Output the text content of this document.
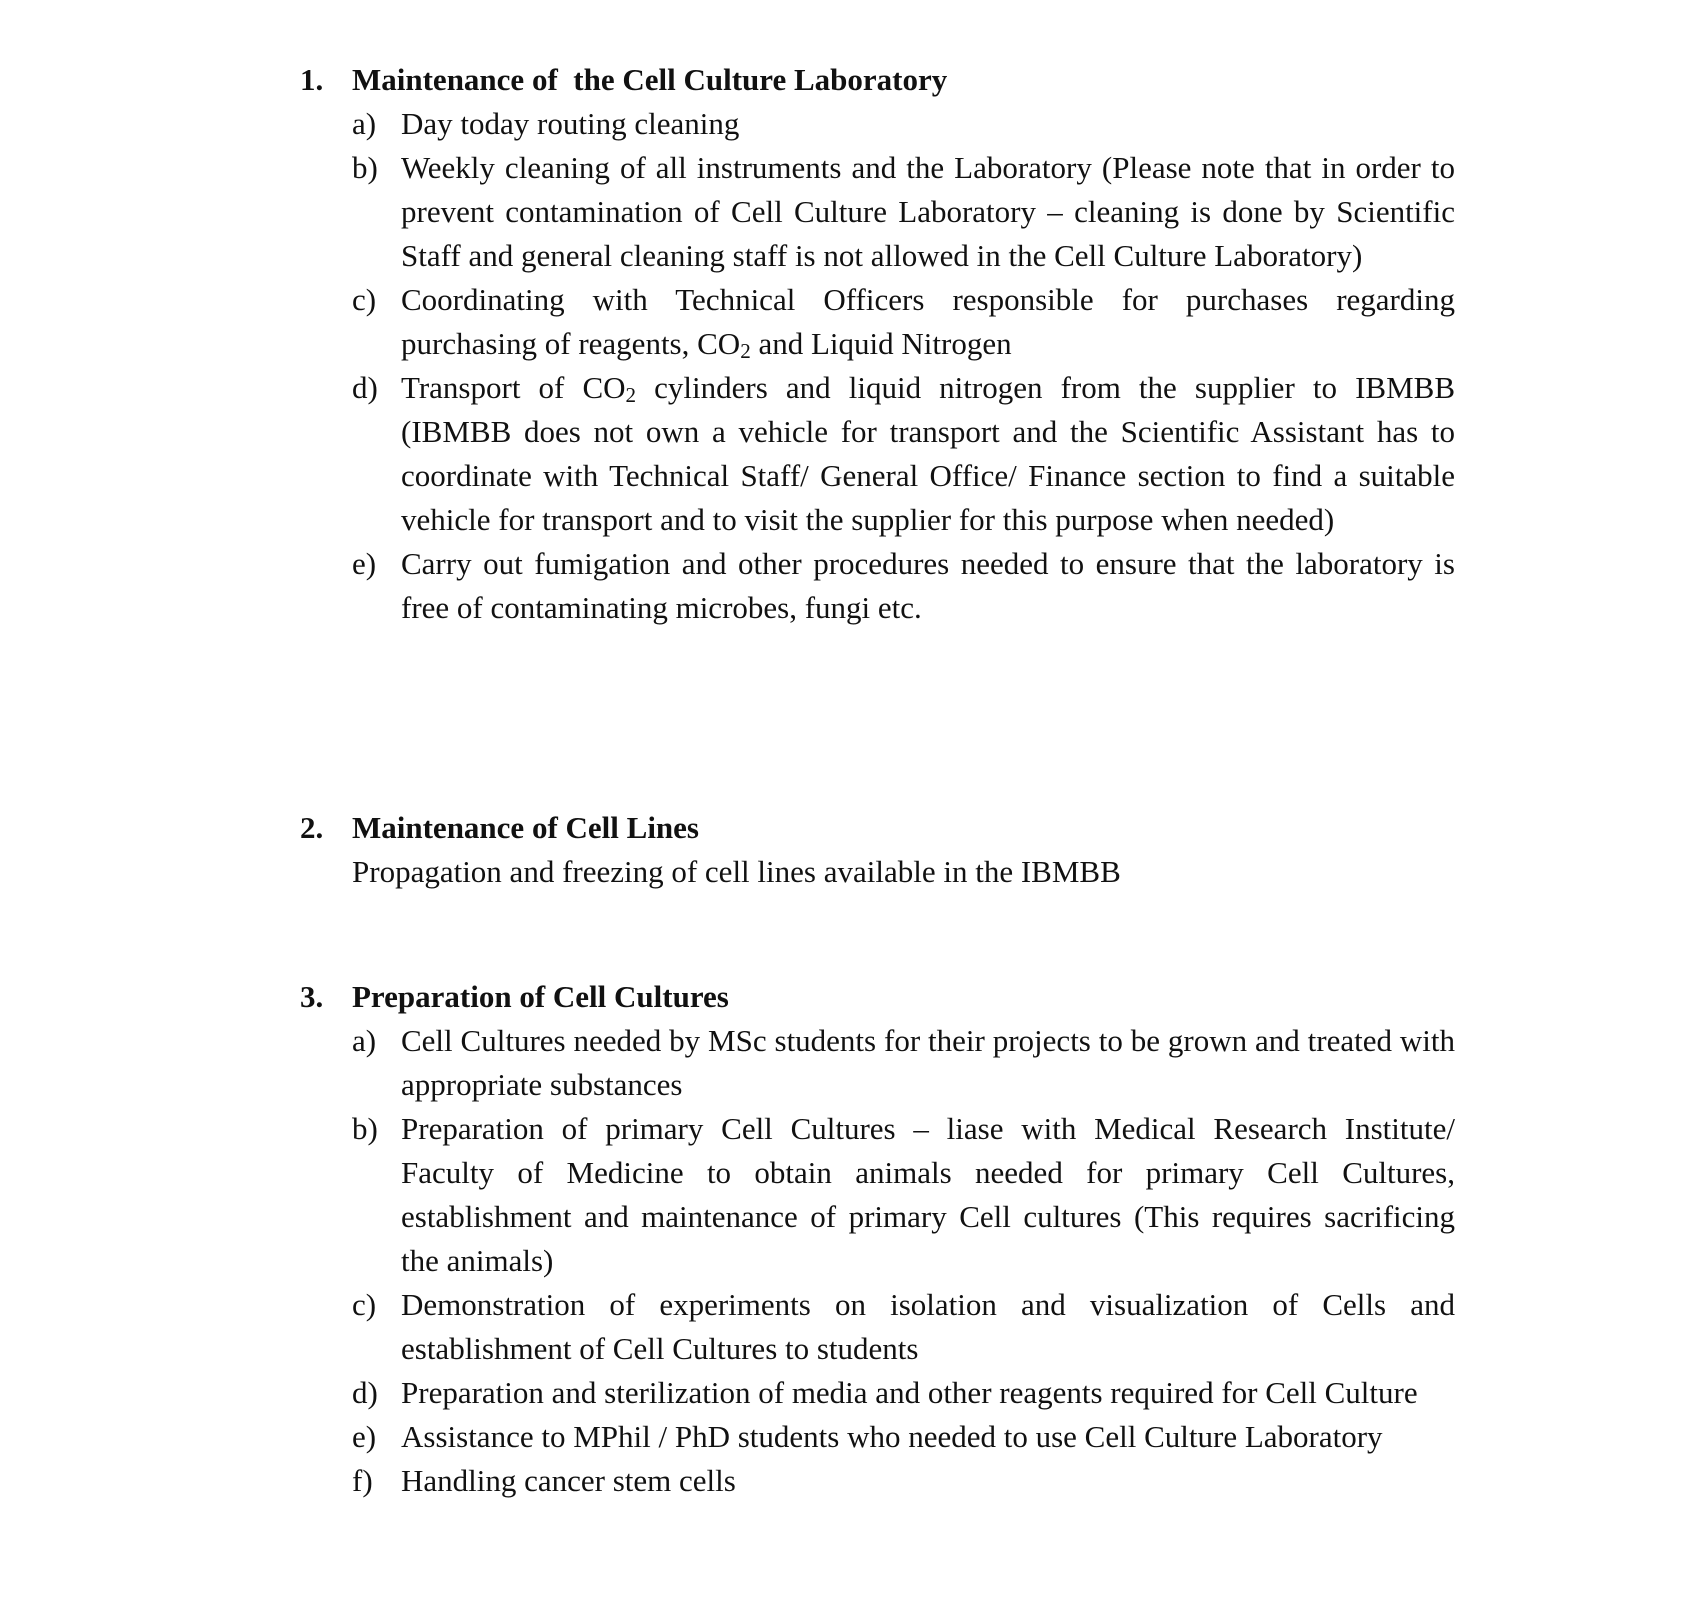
1. Maintenance of  the Cell Culture Laboratory
a) Day today routing cleaning
b) Weekly cleaning of all instruments and the Laboratory (Please note that in order to prevent contamination of Cell Culture Laboratory – cleaning is done by Scientific Staff and general cleaning staff is not allowed in the Cell Culture Laboratory)
c) Coordinating with Technical Officers responsible for purchases regarding purchasing of reagents, $CO_2$ and Liquid Nitrogen
d) Transport of $CO_2$ cylinders and liquid nitrogen from the supplier to IBMBB (IBMBB does not own a vehicle for transport and the Scientific Assistant has to coordinate with Technical Staff/ General Office/ Finance section to find a suitable vehicle for transport and to visit the supplier for this purpose when needed)
e) Carry out fumigation and other procedures needed to ensure that the laboratory is free of contaminating microbes, fungi etc.
2. Maintenance of Cell Lines
Propagation and freezing of cell lines available in the IBMBB
3. Preparation of Cell Cultures
a) Cell Cultures needed by MSc students for their projects to be grown and treated with appropriate substances
b) Preparation of primary Cell Cultures – liase with Medical Research Institute/ Faculty of Medicine to obtain animals needed for primary Cell Cultures, establishment and maintenance of primary Cell cultures (This requires sacrificing the animals)
c) Demonstration of experiments on isolation and visualization of Cells and establishment of Cell Cultures to students
d) Preparation and sterilization of media and other reagents required for Cell Culture
e) Assistance to MPhil / PhD students who needed to use Cell Culture Laboratory
f) Handling cancer stem cells
